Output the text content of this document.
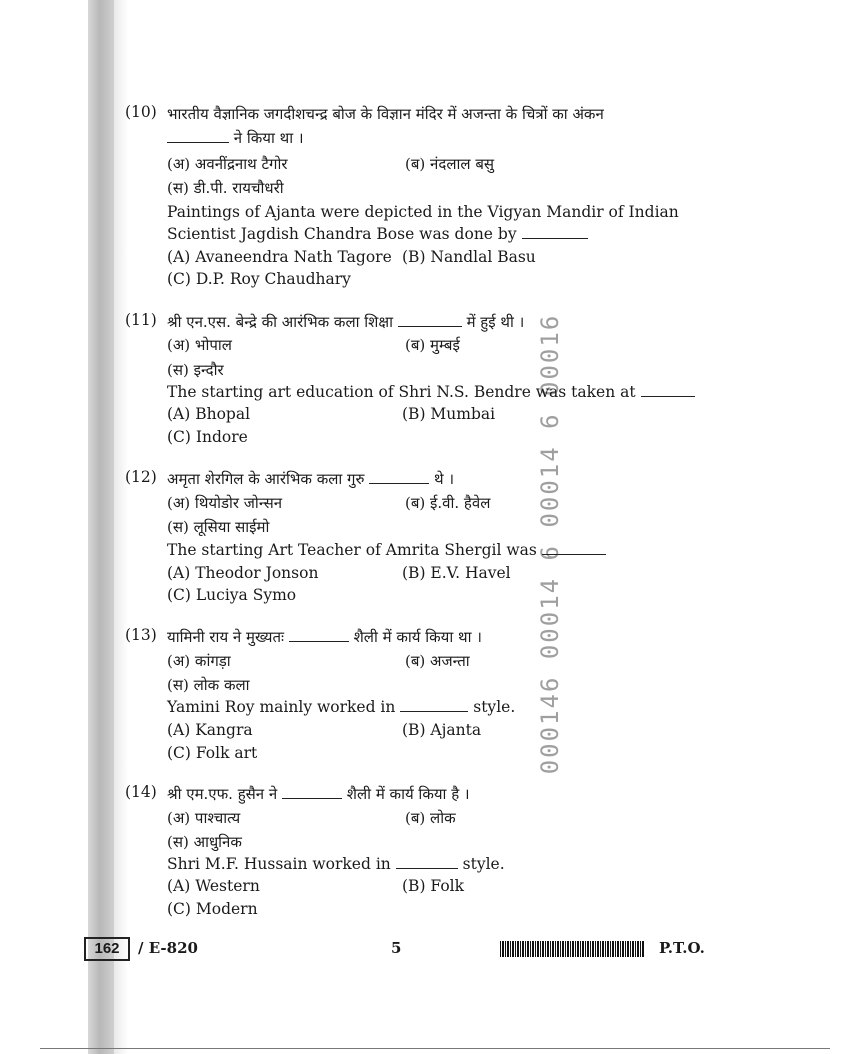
000146 00014 6 00014 6 00016
(10) भारतीय वैज्ञानिक जगदीशचन्द्र बोज के विज्ञान मंदिर में अजन्ता के चित्रों का अंकन
ने किया था ।
(अ) अवनींद्रनाथ टैगोर	(ब) नंदलाल बसु
(स) डी.पी. रायचौधरी
Paintings of Ajanta were depicted in the Vigyan Mandir of Indian
Scientist Jagdish Chandra Bose was done by
(A) Avaneendra Nath Tagore (B) Nandlal Basu
(C) D.P. Roy Chaudhary
(11) श्री एन.एस. बेन्द्रे की आरंभिक कला शिक्षा	में हुई थी ।
(अ) भोपाल	(ब) मुम्बई
(स) इन्दौर
The starting art education of Shri N.S. Bendre was taken at
(A) Bhopal	(B) Mumbai
(C) Indore
(12) अमृता शेरगिल के आरंभिक कला गुरु	थे ।
(अ) थियोडोर जोन्सन	(ब) ई.वी. हैवेल
(स) लूसिया साईमो
The starting Art Teacher of Amrita Shergil was
(A) Theodor Jonson	(B) E.V. Havel
(C) Luciya Symo
(13) यामिनी राय ने मुख्यतः	शैली में कार्य किया था ।
(अ) कांगड़ा	(ब) अजन्ता
(स) लोक कला
Yamini Roy mainly worked in	style.
(A) Kangra	(B) Ajanta
(C) Folk art
(14) श्री एम.एफ. हुसैन ने	शैली में कार्य किया है ।
(अ) पाश्चात्य	(ब) लोक
(स) आधुनिक
Shri M.F. Hussain worked in	style.
(A) Western	(B) Folk
(C) Modern
162	/ E-820	5	P.T.O.
